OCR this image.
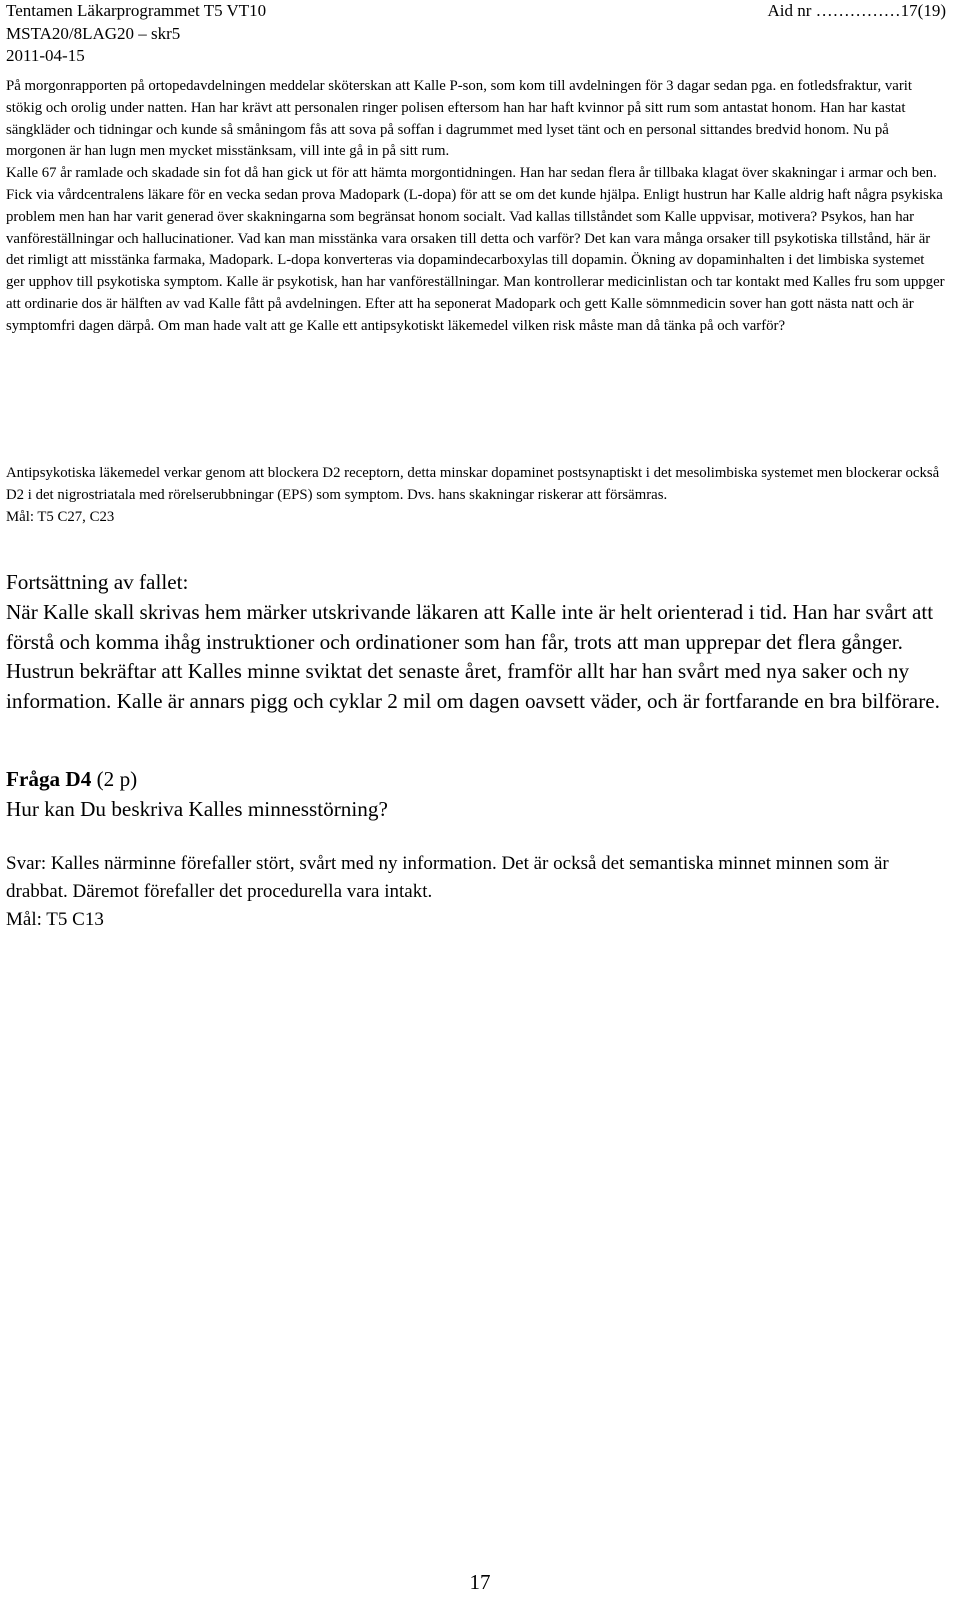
Tentamen Läkarprogrammet T5 VT10	Aid nr ……………17(19)
MSTA20/8LAG20 – skr5
2011-04-15

På morgonrapporten på ortopedavdelningen meddelar sköterskan att Kalle P-son, som kom till avdelningen för 3 dagar sedan pga. en fotledsfraktur, varit stökig och orolig under natten. Han har krävt att personalen ringer polisen eftersom han har haft kvinnor på sitt rum som antastat honom. Han har kastat sängkläder och tidningar och kunde så småningom fås att sova på soffan i dagrummet med lyset tänt och en personal sittandes bredvid honom. Nu på morgonen är han lugn men mycket misstänksam, vill inte gå in på sitt rum.

Kalle 67 år ramlade och skadade sin fot då han gick ut för att hämta morgontidningen. Han har sedan flera år tillbaka klagat över skakningar i armar och ben. Fick via vårdcentralens läkare för en vecka sedan prova Madopark (L-dopa) för att se om det kunde hjälpa. Enligt hustrun har Kalle aldrig haft några psykiska problem men han har varit generad över skakningarna som begränsat honom socialt. Vad kallas tillståndet som Kalle uppvisar, motivera? Psykos, han har vanföreställningar och hallucinationer. Vad kan man misstänka vara orsaken till detta och varför? Det kan vara många orsaker till psykotiska tillstånd, här är det rimligt att misstänka farmaka, Madopark. L-dopa konverteras via dopamindecarboxylas till dopamin. Ökning av dopaminhalten i det limbiska systemet ger upphov till psykotiska symptom. Kalle är psykotisk, han har vanföreställningar. Man kontrollerar medicinlistan och tar kontakt med Kalles fru som uppger att ordinarie dos är hälften av vad Kalle fått på avdelningen. Efter att ha seponerat Madopark och gett Kalle sömnmedicin sover han gott nästa natt och är symptomfri dagen därpå. Om man hade valt att ge Kalle ett antipsykotiskt läkemedel vilken risk måste man då tänka på och varför?

Antipsykotiska läkemedel verkar genom att blockera D2 receptorn, detta minskar dopaminet postsynaptiskt i det mesolimbiska systemet men blockerar också D2 i det nigrostriatala med rörelserubbningar (EPS) som symptom. Dvs. hans skakningar riskerar att försämras.

Mål: T5 C27, C23

Fortsättning av fallet:

När Kalle skall skrivas hem märker utskrivande läkaren att Kalle inte är helt orienterad i tid. Han har svårt att förstå och komma ihåg instruktioner och ordinationer som han får, trots att man upprepar det flera gånger. Hustrun bekräftar att Kalles minne sviktat det senaste året, framför allt har han svårt med nya saker och ny information. Kalle är annars pigg och cyklar 2 mil om dagen oavsett väder, och är fortfarande en bra bilförare.

Fråga D4 (2 p)

Hur kan Du beskriva Kalles minnesstörning?

Svar: Kalles närminne förefaller stört, svårt med ny information. Det är också det semantiska minnet minnen som är drabbat. Däremot förefaller det procedurella vara intakt.

Mål: T5 C13

17
